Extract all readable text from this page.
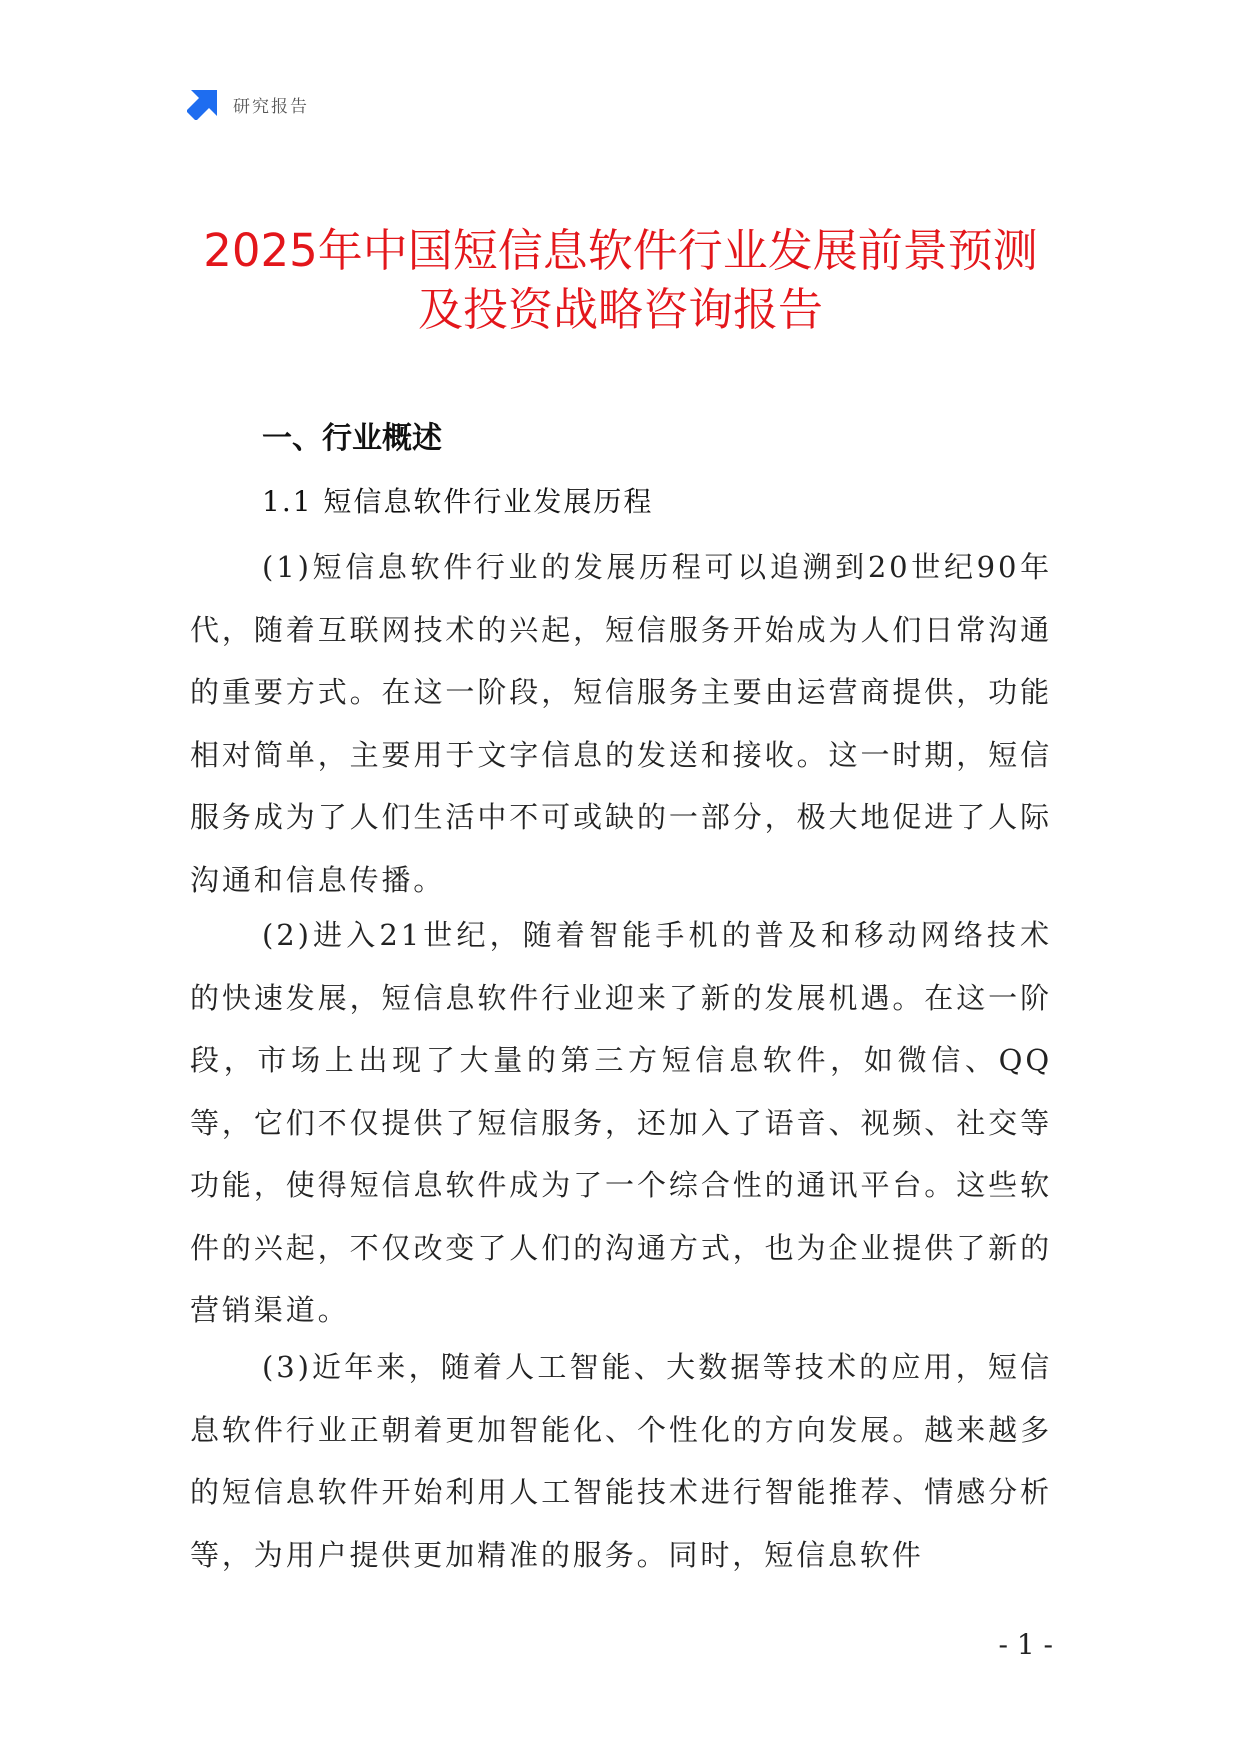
研究报告
2025年中国短信息软件行业发展前景预测
及投资战略咨询报告
一、行业概述
1.1 短信息软件行业发展历程

(1)短信息软件行业的发展历程可以追溯到20世纪90年代，随着互联网技术的兴起，短信服务开始成为人们日常沟通的重要方式。在这一阶段，短信服务主要由运营商提供，功能相对简单，主要用于文字信息的发送和接收。这一时期，短信服务成为了人们生活中不可或缺的一部分，极大地促进了人际沟通和信息传播。

(2)进入21世纪，随着智能手机的普及和移动网络技术的快速发展，短信息软件行业迎来了新的发展机遇。在这一阶段，市场上出现了大量的第三方短信息软件，如微信、QQ等，它们不仅提供了短信服务，还加入了语音、视频、社交等功能，使得短信息软件成为了一个综合性的通讯平台。这些软件的兴起，不仅改变了人们的沟通方式，也为企业提供了新的营销渠道。

(3)近年来，随着人工智能、大数据等技术的应用，短信息软件行业正朝着更加智能化、个性化的方向发展。越来越多的短信息软件开始利用人工智能技术进行智能推荐、情感分析等，为用户提供更加精准的服务。同时，短信息软件

- 1 -
